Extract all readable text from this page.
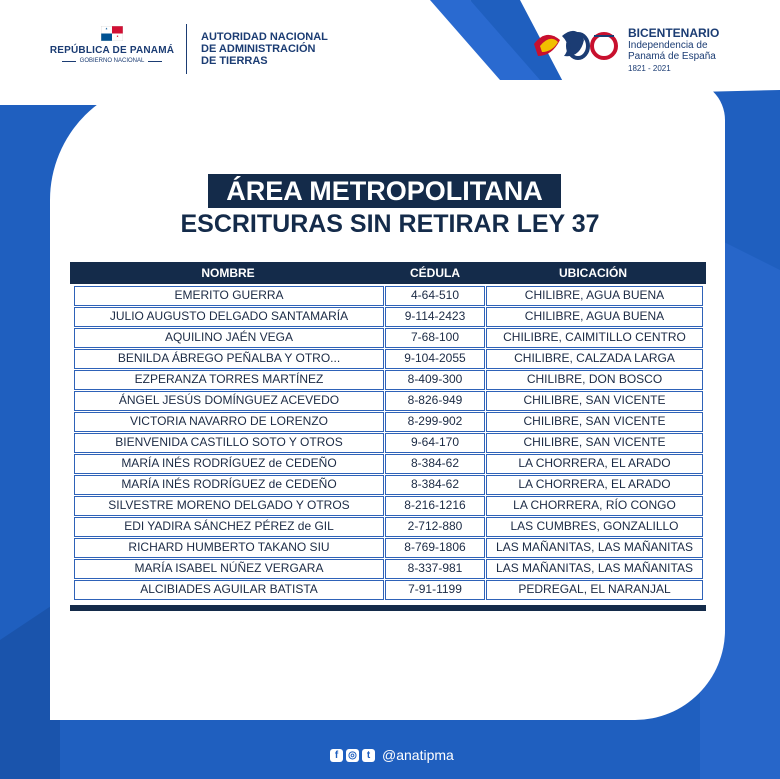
REPÚBLICA DE PANAMÁ
GOBIERNO NACIONAL
AUTORIDAD NACIONAL
DE ADMINISTRACIÓN
DE TIERRAS
BICENTENARIO
Independencia de
Panamá de España
1821 - 2021
ÁREA METROPOLITANA
ESCRITURAS SIN RETIRAR LEY 37
NOMBRE	CÉDULA	UBICACIÓN
EMERITO GUERRA	4-64-510	CHILIBRE, AGUA BUENA
JULIO AUGUSTO DELGADO SANTAMARÍA	9-114-2423	CHILIBRE, AGUA BUENA
AQUILINO JAÉN VEGA	7-68-100	CHILIBRE, CAIMITILLO CENTRO
BENILDA ÁBREGO PEÑALBA Y OTRO...	9-104-2055	CHILIBRE, CALZADA LARGA
EZPERANZA TORRES MARTÍNEZ	8-409-300	CHILIBRE, DON BOSCO
ÁNGEL JESÚS DOMÍNGUEZ ACEVEDO	8-826-949	CHILIBRE, SAN VICENTE
VICTORIA NAVARRO DE LORENZO	8-299-902	CHILIBRE, SAN VICENTE
BIENVENIDA CASTILLO SOTO Y OTROS	9-64-170	CHILIBRE, SAN VICENTE
MARÍA INÉS RODRÍGUEZ de CEDEÑO	8-384-62	LA CHORRERA, EL ARADO
MARÍA INÉS RODRÍGUEZ de CEDEÑO	8-384-62	LA CHORRERA, EL ARADO
SILVESTRE MORENO DELGADO Y OTROS	8-216-1216	LA CHORRERA, RÍO CONGO
EDI YADIRA SÁNCHEZ PÉREZ de GIL	2-712-880	LAS CUMBRES, GONZALILLO
RICHARD HUMBERTO TAKANO SIU	8-769-1806	LAS MAÑANITAS, LAS MAÑANITAS
MARÍA ISABEL NÚÑEZ VERGARA	8-337-981	LAS MAÑANITAS, LAS MAÑANITAS
ALCIBIADES AGUILAR BATISTA	7-91-1199	PEDREGAL, EL NARANJAL
f ◎ t @anatipma
